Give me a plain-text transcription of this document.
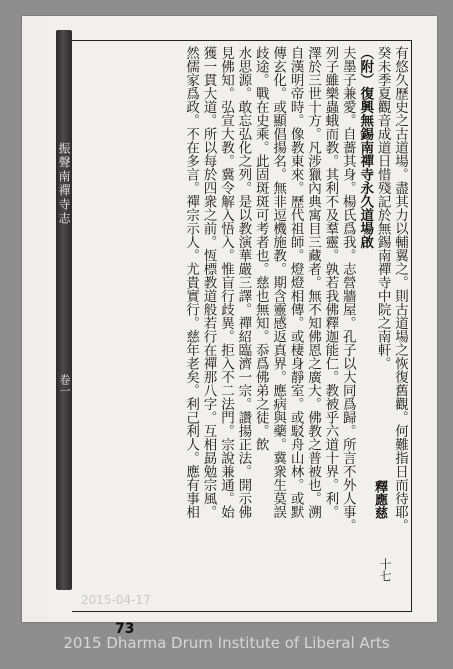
振聲南禪寺志
卷一	有悠久歷史之古道場。盡其力以輔翼之。則古道場之恢復舊觀。何難指日而待耶。
癸未季夏觀音成道日惜殘記於無錫南禪寺中院之南軒。
（附）復興無錫南禪寺永久道場啟
夫墨子兼愛。自薔其身。楊氏爲我。志營牆屋。孔子以大同爲歸。所言不外人事。
列子雖樂蟲蛾而教。其利不及羣靈。孰若我佛釋迦能仁。教被乎六道十界。利。
澤於三世十方。凡涉獵內典寓目三藏者。無不知佛恩之廣大。佛教之普被也。溯
自漢明帝時。像教東來。歷代祖師。燈燈相傳。或棲身靜室。或駁舟山林。或默
傳玄化。或顯倡揚名。無非逗機施教。期含靈感返真界。應病與藥。冀衆生莫誤
歧途。戰在史乘。此固斑斑可考者也。慈也無知。忝爲佛弟之徒。飲
水思源。敢忘弘化之列。是以教演華嚴三譯。禪紹臨濟一宗。讚揚正法。開示佛
見佛知。弘宣大教。冀令解入悟入。惟盲行歧異。拒入不二法門。宗說兼通。始
獲一貫大道。所以每於四衆之前。恆標教道般若行在禪那八字。互相勗勉宗風。
然儒家爲政。不在多言。禪宗示人。尤貴實行。慈年老矣。利己利人。應有事相	釋應慈
十七
2015-04-17
73
2015 Dharma Drum Institute of Liberal Arts
